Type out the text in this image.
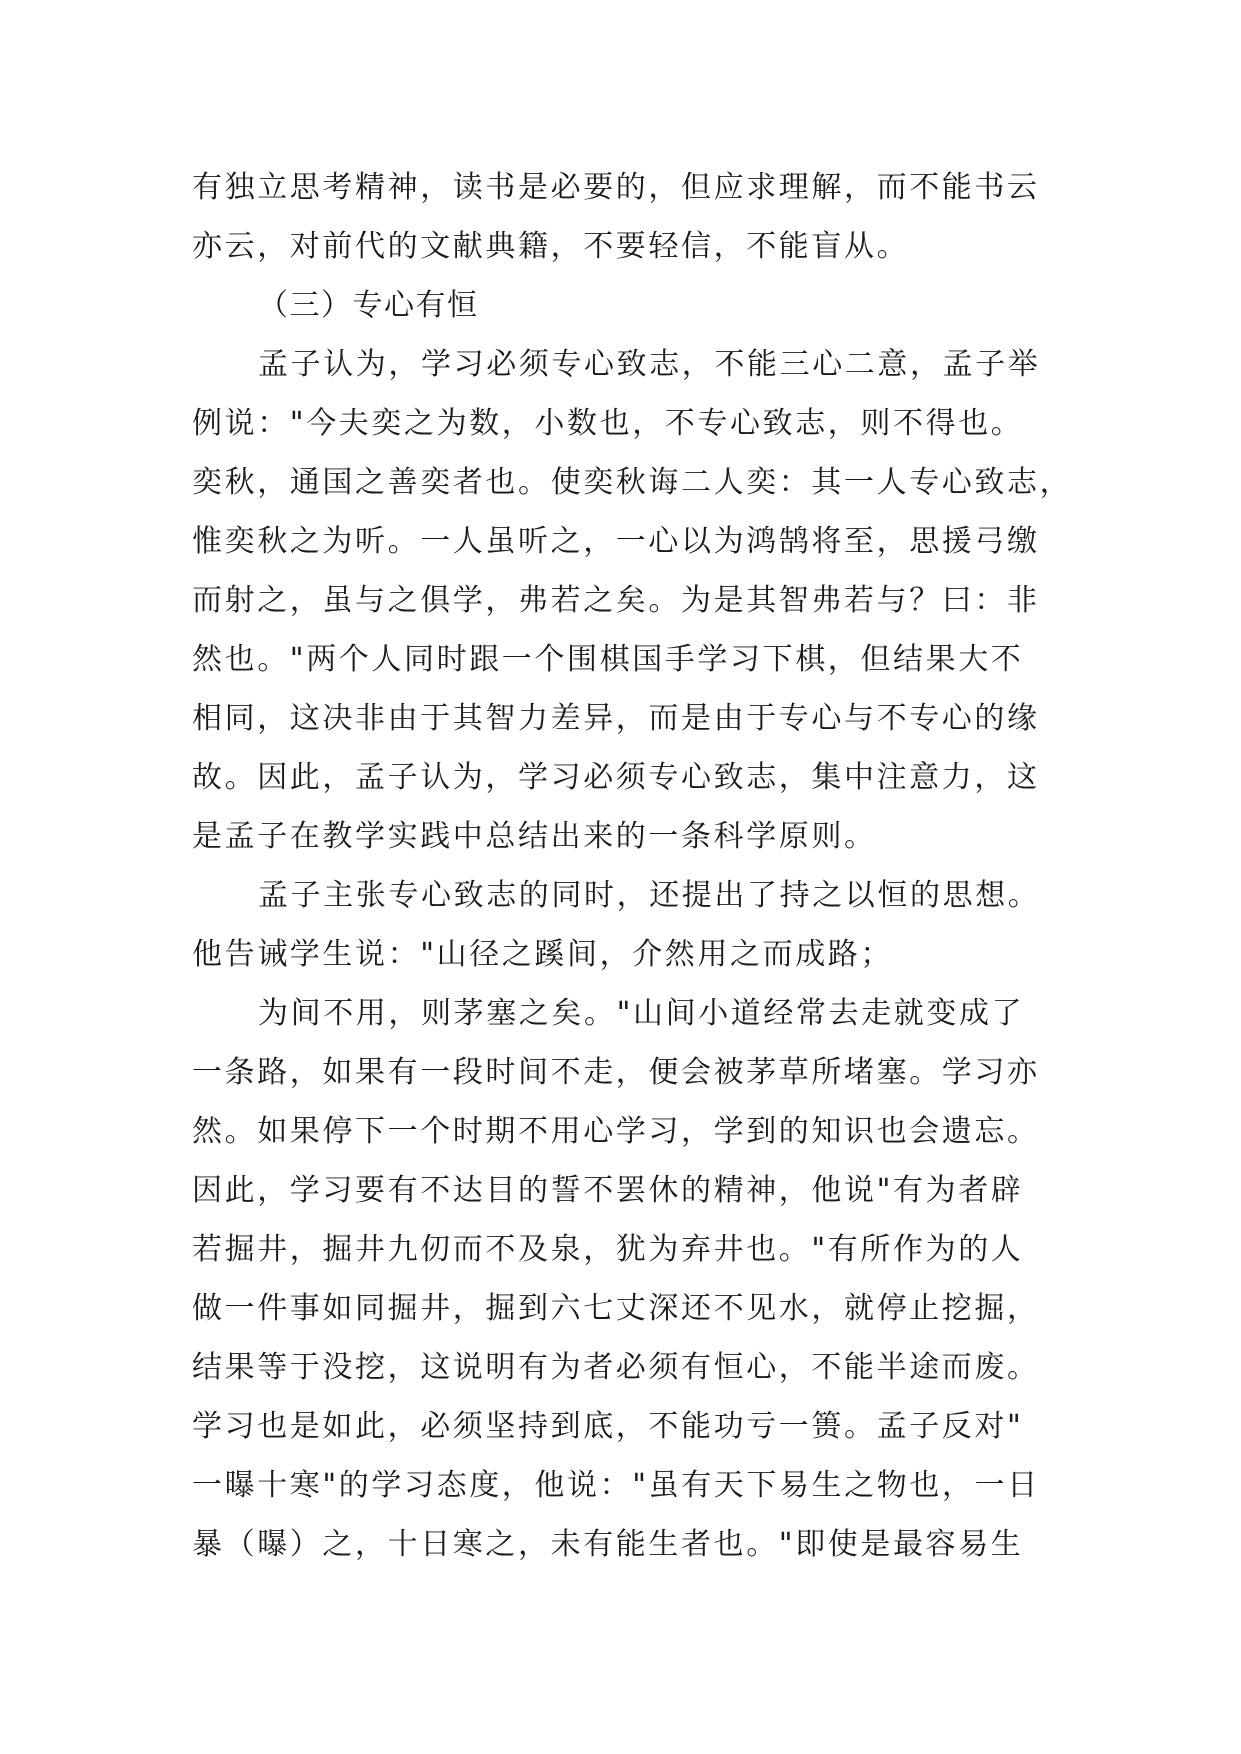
有独立思考精神，读书是必要的，但应求理解，而不能书云
亦云，对前代的文献典籍，不要轻信，不能盲从。
（三）专心有恒
孟子认为，学习必须专心致志，不能三心二意，孟子举
例说："今夫奕之为数，小数也，不专心致志，则不得也。
奕秋，通国之善奕者也。使奕秋诲二人奕：其一人专心致志，
惟奕秋之为听。一人虽听之，一心以为鸿鹄将至，思援弓缴
而射之，虽与之俱学，弗若之矣。为是其智弗若与？曰：非
然也。"两个人同时跟一个围棋国手学习下棋，但结果大不
相同，这决非由于其智力差异，而是由于专心与不专心的缘
故。因此，孟子认为，学习必须专心致志，集中注意力，这
是孟子在教学实践中总结出来的一条科学原则。
孟子主张专心致志的同时，还提出了持之以恒的思想。
他告诫学生说："山径之蹊间，介然用之而成路；
为间不用，则茅塞之矣。"山间小道经常去走就变成了
一条路，如果有一段时间不走，便会被茅草所堵塞。学习亦
然。如果停下一个时期不用心学习，学到的知识也会遗忘。
因此，学习要有不达目的誓不罢休的精神，他说"有为者辟
若掘井，掘井九仞而不及泉，犹为弃井也。"有所作为的人
做一件事如同掘井，掘到六七丈深还不见水，就停止挖掘，
结果等于没挖，这说明有为者必须有恒心，不能半途而废。
学习也是如此，必须坚持到底，不能功亏一篑。孟子反对"
一曝十寒"的学习态度，他说："虽有天下易生之物也，一日
暴（曝）之，十日寒之，未有能生者也。"即使是最容易生
